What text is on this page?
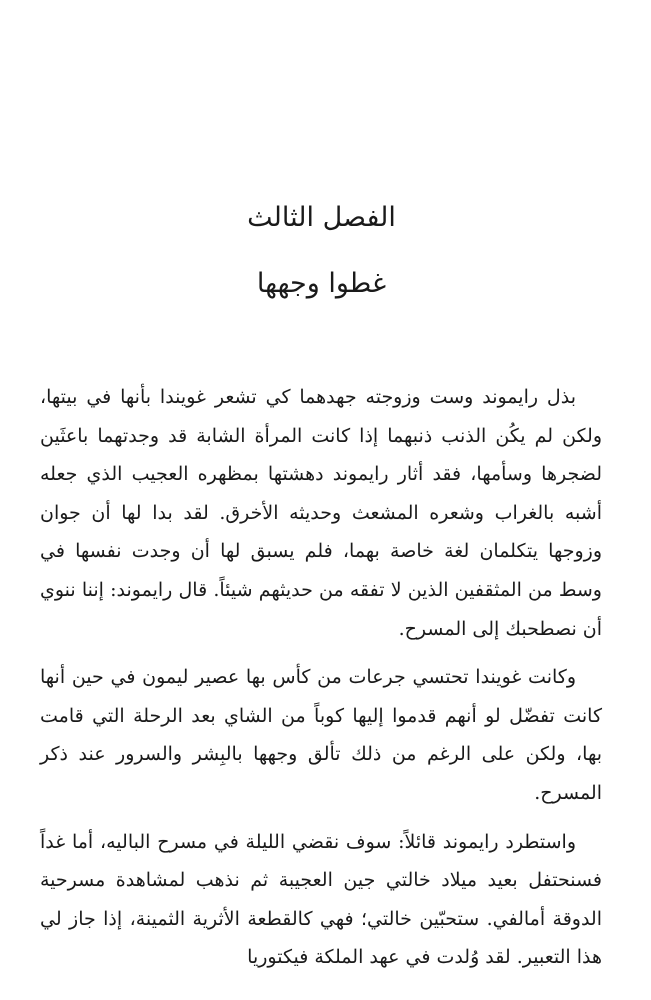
الفصل الثالث
غطوا وجهها

بذل رايموند وست وزوجته جهدهما كي تشعر غويندا بأنها في بيتها، ولكن لم يكُن الذنب ذنبهما إذا كانت المرأة الشابة قد وجدتهما باعثَين لضجرها وسأمها، فقد أثار رايموند دهشتها بمظهره العجيب الذي جعله أشبه بالغراب وشعره المشعث وحديثه الأخرق. لقد بدا لها أن جوان وزوجها يتكلمان لغة خاصة بهما، فلم يسبق لها أن وجدت نفسها في وسط من المثقفين الذين لا تفقه من حديثهم شيئاً. قال رايموند: إننا ننوي أن نصطحبك إلى المسرح.

وكانت غويندا تحتسي جرعات من كأس بها عصير ليمون في حين أنها كانت تفضّل لو أنهم قدموا إليها كوباً من الشاي بعد الرحلة التي قامت بها، ولكن على الرغم من ذلك تألق وجهها بالبِشر والسرور عند ذكر المسرح.

واستطرد رايموند قائلاً: سوف نقضي الليلة في مسرح الباليه، أما غداً فسنحتفل بعيد ميلاد خالتي جين العجيبة ثم نذهب لمشاهدة مسرحية الدوقة أمالفي. ستحبّين خالتي؛ فهي كالقطعة الأثرية الثمينة، إذا جاز لي هذا التعبير. لقد وُلدت في عهد الملكة فيكتوريا
